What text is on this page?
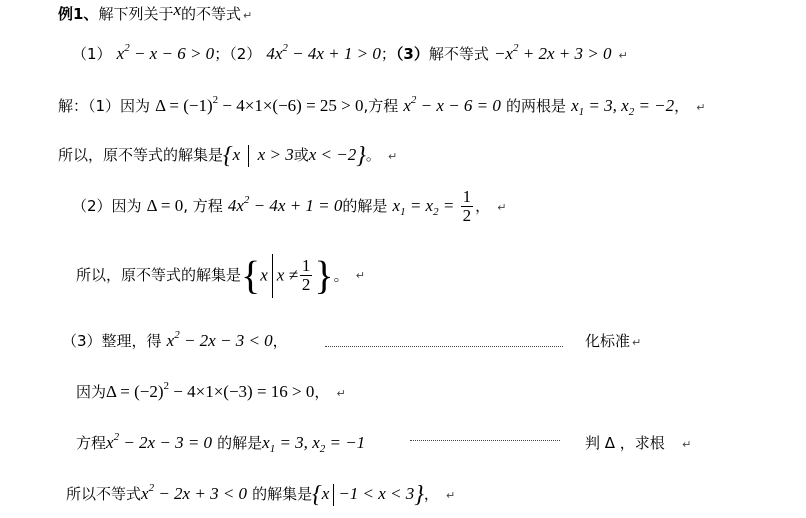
例1、解下列关于x的不等式 ↵
（1） $x^2 - x - 6 > 0$；（2） $4x^2 - 4x + 1 > 0$；（3）解不等式 $-x^2 + 2x + 3 > 0$ ↵
解：（1）因为 $\Delta = (-1)^2 - 4\times 1\times(-6) = 25 > 0$,方程 $x^2 - x - 6 = 0$ 的两根是 $x_1 = 3$, $x_2 = -2$， ↵
所以，原不等式的解集是{x  x > 3或x < −2}。 ↵
（2）因为 Δ = 0, 方程 $4x^2 - 4x + 1 = 0$的解是 $x_1 = x_2 = \frac{1}{2}$ ， ↵
所以，原不等式的解集是{x $x \ne \frac{1}{2}$ }。 ↵
（3）整理，得 $x^2 - 2x - 3 < 0$，	化标准 ↵
因为$\Delta = (-2)^2 - 4\times 1\times(-3) = 16 > 0$， ↵
方程$x^2 - 2x - 3 = 0$ 的解是$x_1 = 3$, $x_2 = -1$	判 Δ ，求根 ↵
所以不等式$x^2 - 2x + 3 < 0$ 的解集是{x −1 < x < 3}， ↵
